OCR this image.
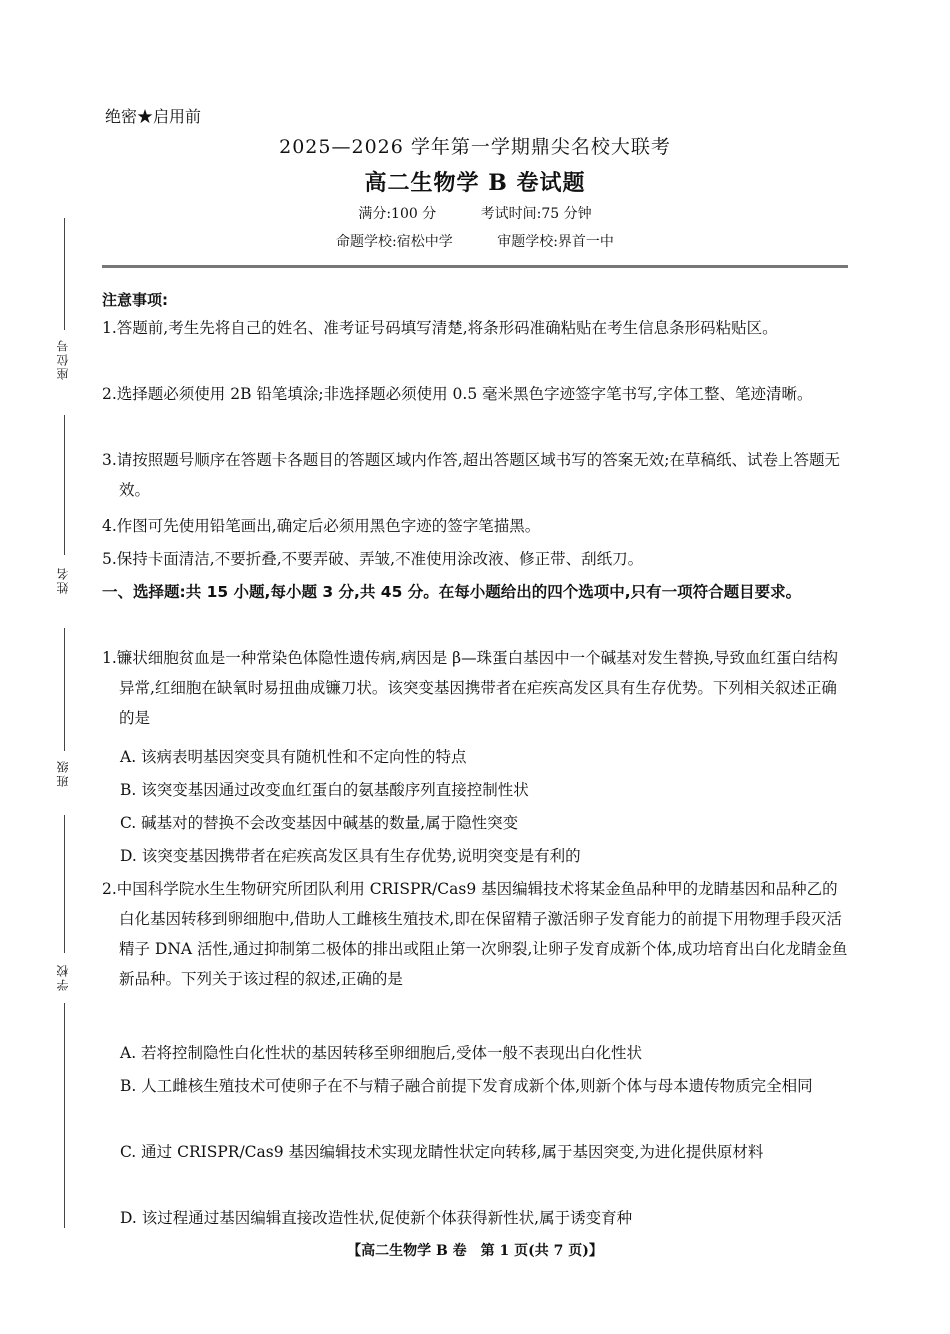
绝密★启用前
2025—2026 学年第一学期鼎尖名校大联考
高二生物学 B 卷试题
满分:100 分	考试时间:75 分钟
命题学校:宿松中学	审题学校:界首一中
座位号
姓名
班级
学校
注意事项:
1.答题前,考生先将自己的姓名、准考证号码填写清楚,将条形码准确粘贴在考生信息条形码粘贴区。
2.选择题必须使用 2B 铅笔填涂;非选择题必须使用 0.5 毫米黑色字迹签字笔书写,字体工整、笔迹清晰。
3.请按照题号顺序在答题卡各题目的答题区域内作答,超出答题区域书写的答案无效;在草稿纸、试卷上答题无效。
4.作图可先使用铅笔画出,确定后必须用黑色字迹的签字笔描黑。
5.保持卡面清洁,不要折叠,不要弄破、弄皱,不准使用涂改液、修正带、刮纸刀。
一、选择题:共 15 小题,每小题 3 分,共 45 分。在每小题给出的四个选项中,只有一项符合题目要求。
1.镰状细胞贫血是一种常染色体隐性遗传病,病因是 β—珠蛋白基因中一个碱基对发生替换,导致血红蛋白结构异常,红细胞在缺氧时易扭曲成镰刀状。该突变基因携带者在疟疾高发区具有生存优势。下列相关叙述正确的是
A. 该病表明基因突变具有随机性和不定向性的特点
B. 该突变基因通过改变血红蛋白的氨基酸序列直接控制性状
C. 碱基对的替换不会改变基因中碱基的数量,属于隐性突变
D. 该突变基因携带者在疟疾高发区具有生存优势,说明突变是有利的
2.中国科学院水生生物研究所团队利用 CRISPR/Cas9 基因编辑技术将某金鱼品种甲的龙睛基因和品种乙的白化基因转移到卵细胞中,借助人工雌核生殖技术,即在保留精子激活卵子发育能力的前提下用物理手段灭活精子 DNA 活性,通过抑制第二极体的排出或阻止第一次卵裂,让卵子发育成新个体,成功培育出白化龙睛金鱼新品种。下列关于该过程的叙述,正确的是
A. 若将控制隐性白化性状的基因转移至卵细胞后,受体一般不表现出白化性状
B. 人工雌核生殖技术可使卵子在不与精子融合前提下发育成新个体,则新个体与母本遗传物质完全相同
C. 通过 CRISPR/Cas9 基因编辑技术实现龙睛性状定向转移,属于基因突变,为进化提供原材料
D. 该过程通过基因编辑直接改造性状,促使新个体获得新性状,属于诱变育种
【高二生物学 B 卷　第 1 页(共 7 页)】
